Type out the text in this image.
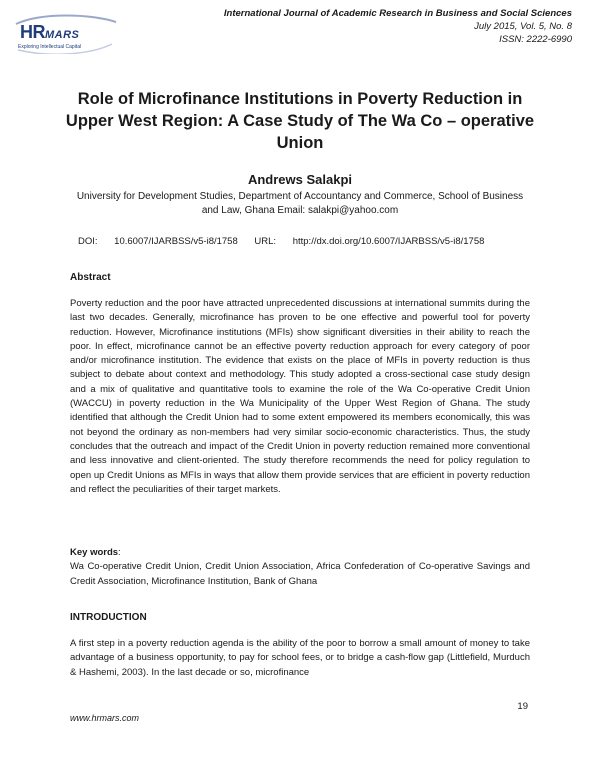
HRMARS
Exploring Intellectual Capital
International Journal of Academic Research in Business and Social Sciences
July 2015, Vol. 5, No. 8
ISSN: 2222-6990
Role of Microfinance Institutions in Poverty Reduction in Upper West Region: A Case Study of The Wa Co – operative Union
Andrews Salakpi
University for Development Studies, Department of Accountancy and Commerce, School of Business and Law, Ghana Email: salakpi@yahoo.com
DOI: 10.6007/IJARBSS/v5-i8/1758 URL: http://dx.doi.org/10.6007/IJARBSS/v5-i8/1758
Abstract
Poverty reduction and the poor have attracted unprecedented discussions at international summits during the last two decades. Generally, microfinance has proven to be one effective and powerful tool for poverty reduction. However, Microfinance institutions (MFIs) show significant diversities in their ability to reach the poor. In effect, microfinance cannot be an effective poverty reduction approach for every category of poor and/or microfinance institution. The evidence that exists on the place of MFIs in poverty reduction is thus subject to debate about context and methodology. This study adopted a cross-sectional case study design and a mix of qualitative and quantitative tools to examine the role of the Wa Co-operative Credit Union (WACCU) in poverty reduction in the Wa Municipality of the Upper West Region of Ghana. The study identified that although the Credit Union had to some extent empowered its members economically, this was not beyond the ordinary as non-members had very similar socio-economic characteristics. Thus, the study concludes that the outreach and impact of the Credit Union in poverty reduction remained more conventional and less innovative and client-oriented. The study therefore recommends the need for policy regulation to open up Credit Unions as MFIs in ways that allow them provide services that are efficient in poverty reduction and reflect the peculiarities of their target markets.
Key words:
Wa Co-operative Credit Union, Credit Union Association, Africa Confederation of Co-operative Savings and Credit Association, Microfinance Institution, Bank of Ghana
INTRODUCTION
A first step in a poverty reduction agenda is the ability of the poor to borrow a small amount of money to take advantage of a business opportunity, to pay for school fees, or to bridge a cash-flow gap (Littlefield, Murduch & Hashemi, 2003). In the last decade or so, microfinance
19
www.hrmars.com
